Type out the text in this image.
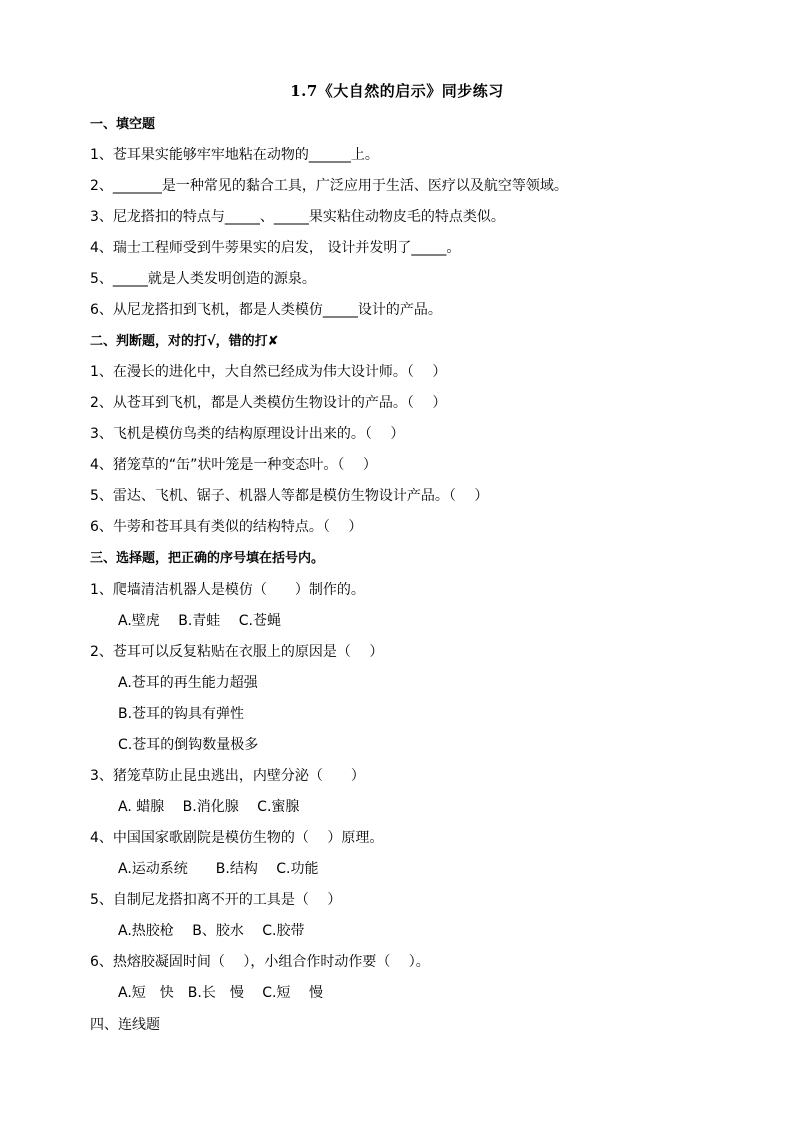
1.7《大自然的启示》同步练习
一、填空题
1、苍耳果实能够牢牢地粘在动物的______上。
2、_______是一种常见的黏合工具，广泛应用于生活、医疗以及航空等领域。
3、尼龙搭扣的特点与_____、_____果实粘住动物皮毛的特点类似。
4、瑞士工程师受到牛蒡果实的启发， 设计并发明了_____。
5、_____就是人类发明创造的源泉。
6、从尼龙搭扣到飞机，都是人类模仿_____设计的产品。
二、判断题，对的打√，错的打✘
1、在漫长的进化中，大自然已经成为伟大设计师。（　 ）
2、从苍耳到飞机，都是人类模仿生物设计的产品。（　 ）
3、飞机是模仿鸟类的结构原理设计出来的。（　 ）
4、猪笼草的“缶”状叶笼是一种变态叶。（　 ）
5、雷达、飞机、锯子、机器人等都是模仿生物设计产品。（　 ）
6、牛蒡和苍耳具有类似的结构特点。（　 ）
三、选择题，把正确的序号填在括号内。
1、爬墙清洁机器人是模仿（　　）制作的。
A.壁虎　 B.青蛙　 C.苍蝇
2、苍耳可以反复粘贴在衣服上的原因是（　 ）
A.苍耳的再生能力超强
B.苍耳的钩具有弹性
C.苍耳的倒钩数量极多
3、猪笼草防止昆虫逃出，内壁分泌（　　）
A. 蜡腺　 B.消化腺　 C.蜜腺
4、中国国家歌剧院是模仿生物的（　 ）原理。
A.运动系统　　B.结构　 C.功能
5、自制尼龙搭扣离不开的工具是（　 ）
A.热胶枪　 B、胶水　 C.胶带
6、热熔胶凝固时间（　 ），小组合作时动作要（　 ）。
A.短　快　B.长　慢　 C.短　 慢
四、连线题
